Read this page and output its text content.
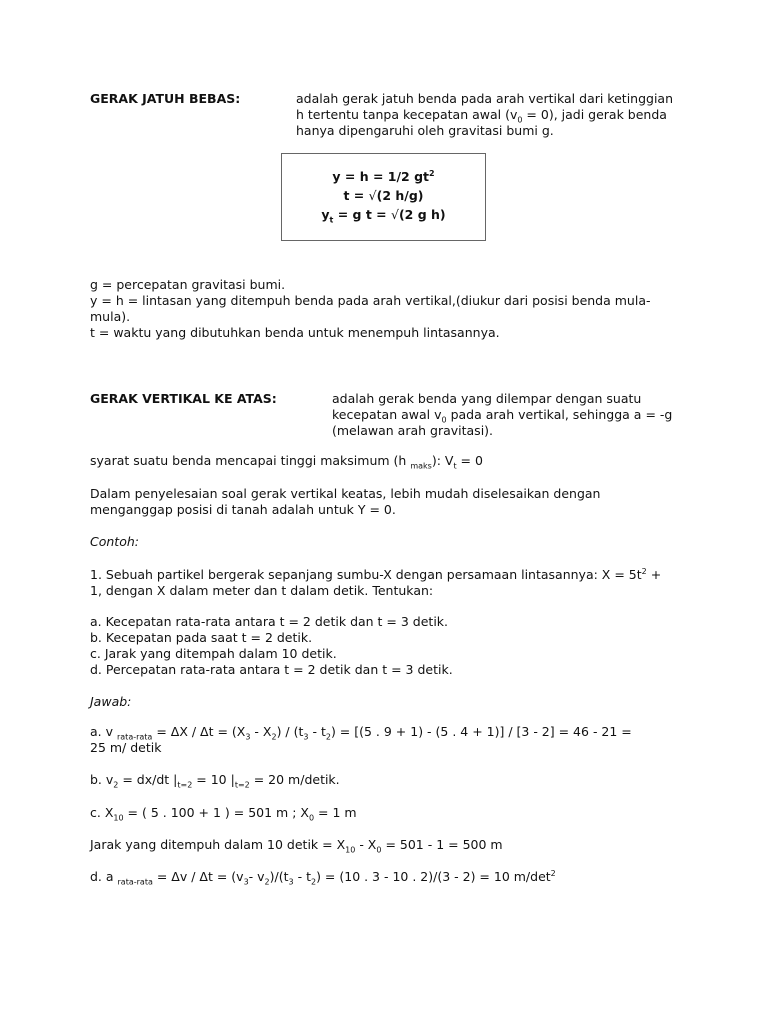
GERAK JATUH BEBAS:	adalah gerak jatuh benda pada arah vertikal dari ketinggian
h tertentu tanpa kecepatan awal $(v_0 = 0)$, jadi gerak benda
hanya dipengaruhi oleh gravitasi bumi g.
y = h = 1/2 $gt^2$
t = √(2 h/g)
$y_t = g$ t = √(2 g h)
g = percepatan gravitasi bumi.
y = h = lintasan yang ditempuh benda pada arah vertikal,(diukur dari posisi benda mula-
mula).
t = waktu yang dibutuhkan benda untuk menempuh lintasannya.
GERAK VERTIKAL KE ATAS:	adalah gerak benda yang dilempar dengan suatu
kecepatan awal $v_0$ pada arah vertikal, sehingga a = -g
(melawan arah gravitasi).
syarat suatu benda mencapai tinggi maksimum (h $_{maks}$): $V_t = 0$
Dalam penyelesaian soal gerak vertikal keatas, lebih mudah diselesaikan dengan
menganggap posisi di tanah adalah untuk Y = 0.
Contoh:
1. Sebuah partikel bergerak sepanjang sumbu-X dengan persamaan lintasannya: $X = 5t^2$ +
1, dengan X dalam meter dan t dalam detik. Tentukan:
a. Kecepatan rata-rata antara t = 2 detik dan t = 3 detik.
b. Kecepatan pada saat t = 2 detik.
c. Jarak yang ditempah dalam 10 detik.
d. Percepatan rata-rata antara t = 2 detik dan t = 3 detik.
Jawab:
a. v $_{rata-rata} = \Delta X / \Delta t = (X_3 - X_2) / (t_3 - t_2) = [(5$ . 9 + 1) - (5 . 4 + 1)] / [3 - 2] = 46 - 21 =
25 m/ detik
b. $v_2 = dx/dt$ $|_{t=2} = 10$ $|_{t=2} = 20$ m/detik.
c. $X_{10}$ = ( 5 . 100 + 1 ) = 501 m ; $X_0 = 1$ m
Jarak yang ditempuh dalam 10 detik = $X_{10} - X_0 = 501 - 1 = 500$ m
d. a $_{rata-rata} = \Delta v / \Delta t = (v_3-$ $v_2)/(t_3 - t_2) = (10$ . 3 - 10 . 2)/(3 - 2) = 10 $m/\det^2$
